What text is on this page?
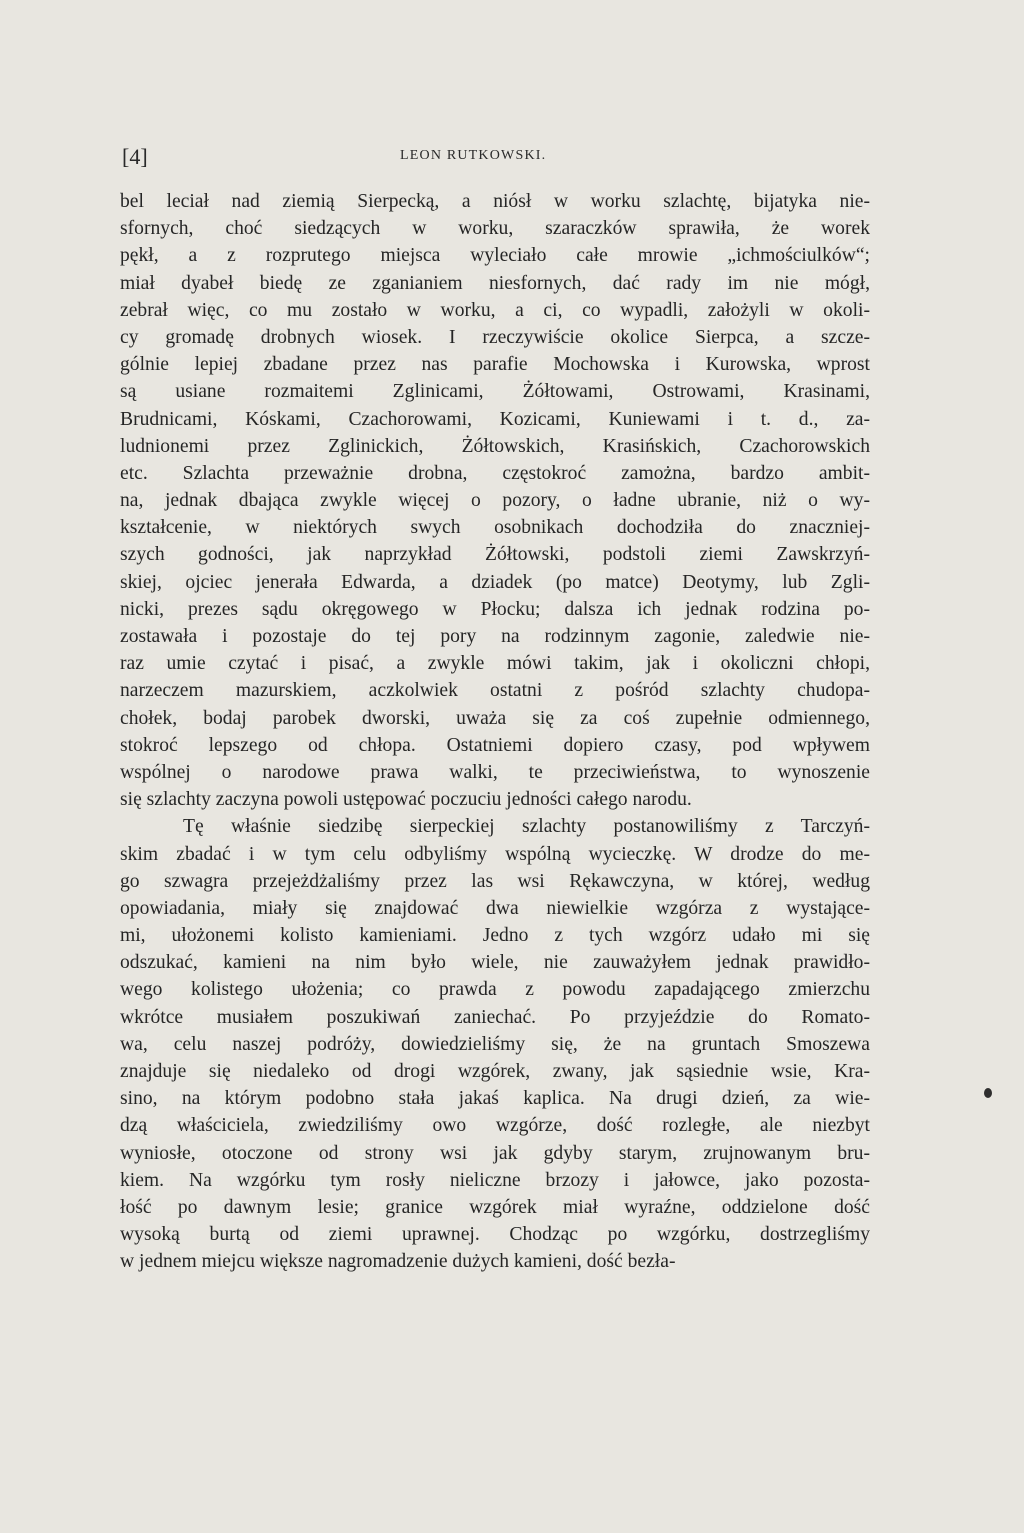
[4]	LEON RUTKOWSKI.
bel leciał nad ziemią Sierpecką, a niósł w worku szlachtę, bijatyka nie-
sfornych, choć siedzących w worku, szaraczków sprawiła, że worek
pękł, a z rozprutego miejsca wyleciało całe mrowie „ichmościulków“;
miał dyabeł biedę ze zganianiem niesfornych, dać rady im nie mógł,
zebrał więc, co mu zostało w worku, a ci, co wypadli, założyli w okoli-
cy gromadę drobnych wiosek. I rzeczywiście okolice Sierpca, a szcze-
gólnie lepiej zbadane przez nas parafie Mochowska i Kurowska, wprost
są usiane rozmaitemi Zglinicami, Żółtowami, Ostrowami, Krasinami,
Brudnicami, Kóskami, Czachorowami, Kozicami, Kuniewami i t. d., za-
ludnionemi przez Zglinickich, Żółtowskich, Krasińskich, Czachorowskich
etc. Szlachta przeważnie drobna, częstokroć zamożna, bardzo ambit-
na, jednak dbająca zwykle więcej o pozory, o ładne ubranie, niż o wy-
kształcenie, w niektórych swych osobnikach dochodziła do znaczniej-
szych godności, jak naprzykład Żółtowski, podstoli ziemi Zawskrzyń-
skiej, ojciec jenerała Edwarda, a dziadek (po matce) Deotymy, lub Zgli-
nicki, prezes sądu okręgowego w Płocku; dalsza ich jednak rodzina po-
zostawała i pozostaje do tej pory na rodzinnym zagonie, zaledwie nie-
raz umie czytać i pisać, a zwykle mówi takim, jak i okoliczni chłopi,
narzeczem mazurskiem, aczkolwiek ostatni z pośród szlachty chudopa-
chołek, bodaj parobek dworski, uważa się za coś zupełnie odmiennego,
stokroć lepszego od chłopa. Ostatniemi dopiero czasy, pod wpływem
wspólnej o narodowe prawa walki, te przeciwieństwa, to wynoszenie
się szlachty zaczyna powoli ustępować poczuciu jedności całego narodu.
Tę właśnie siedzibę sierpeckiej szlachty postanowiliśmy z Tarczyń-
skim zbadać i w tym celu odbyliśmy wspólną wycieczkę. W drodze do me-
go szwagra przejeżdżaliśmy przez las wsi Rękawczyna, w której, według
opowiadania, miały się znajdować dwa niewielkie wzgórza z wystające-
mi, ułożonemi kolisto kamieniami. Jedno z tych wzgórz udało mi się
odszukać, kamieni na nim było wiele, nie zauważyłem jednak prawidło-
wego kolistego ułożenia; co prawda z powodu zapadającego zmierzchu
wkrótce musiałem poszukiwań zaniechać. Po przyjeździe do Romato-
wa, celu naszej podróży, dowiedzieliśmy się, że na gruntach Smoszewa
znajduje się niedaleko od drogi wzgórek, zwany, jak sąsiednie wsie, Kra-
sino, na którym podobno stała jakaś kaplica. Na drugi dzień, za wie-
dzą właściciela, zwiedziliśmy owo wzgórze, dość rozległe, ale niezbyt
wyniosłe, otoczone od strony wsi jak gdyby starym, zrujnowanym bru-
kiem. Na wzgórku tym rosły nieliczne brzozy i jałowce, jako pozosta-
łość po dawnym lesie; granice wzgórek miał wyraźne, oddzielone dość
wysoką burtą od ziemi uprawnej. Chodząc po wzgórku, dostrzegliśmy
w jednem miejcu większe nagromadzenie dużych kamieni, dość bezła-
